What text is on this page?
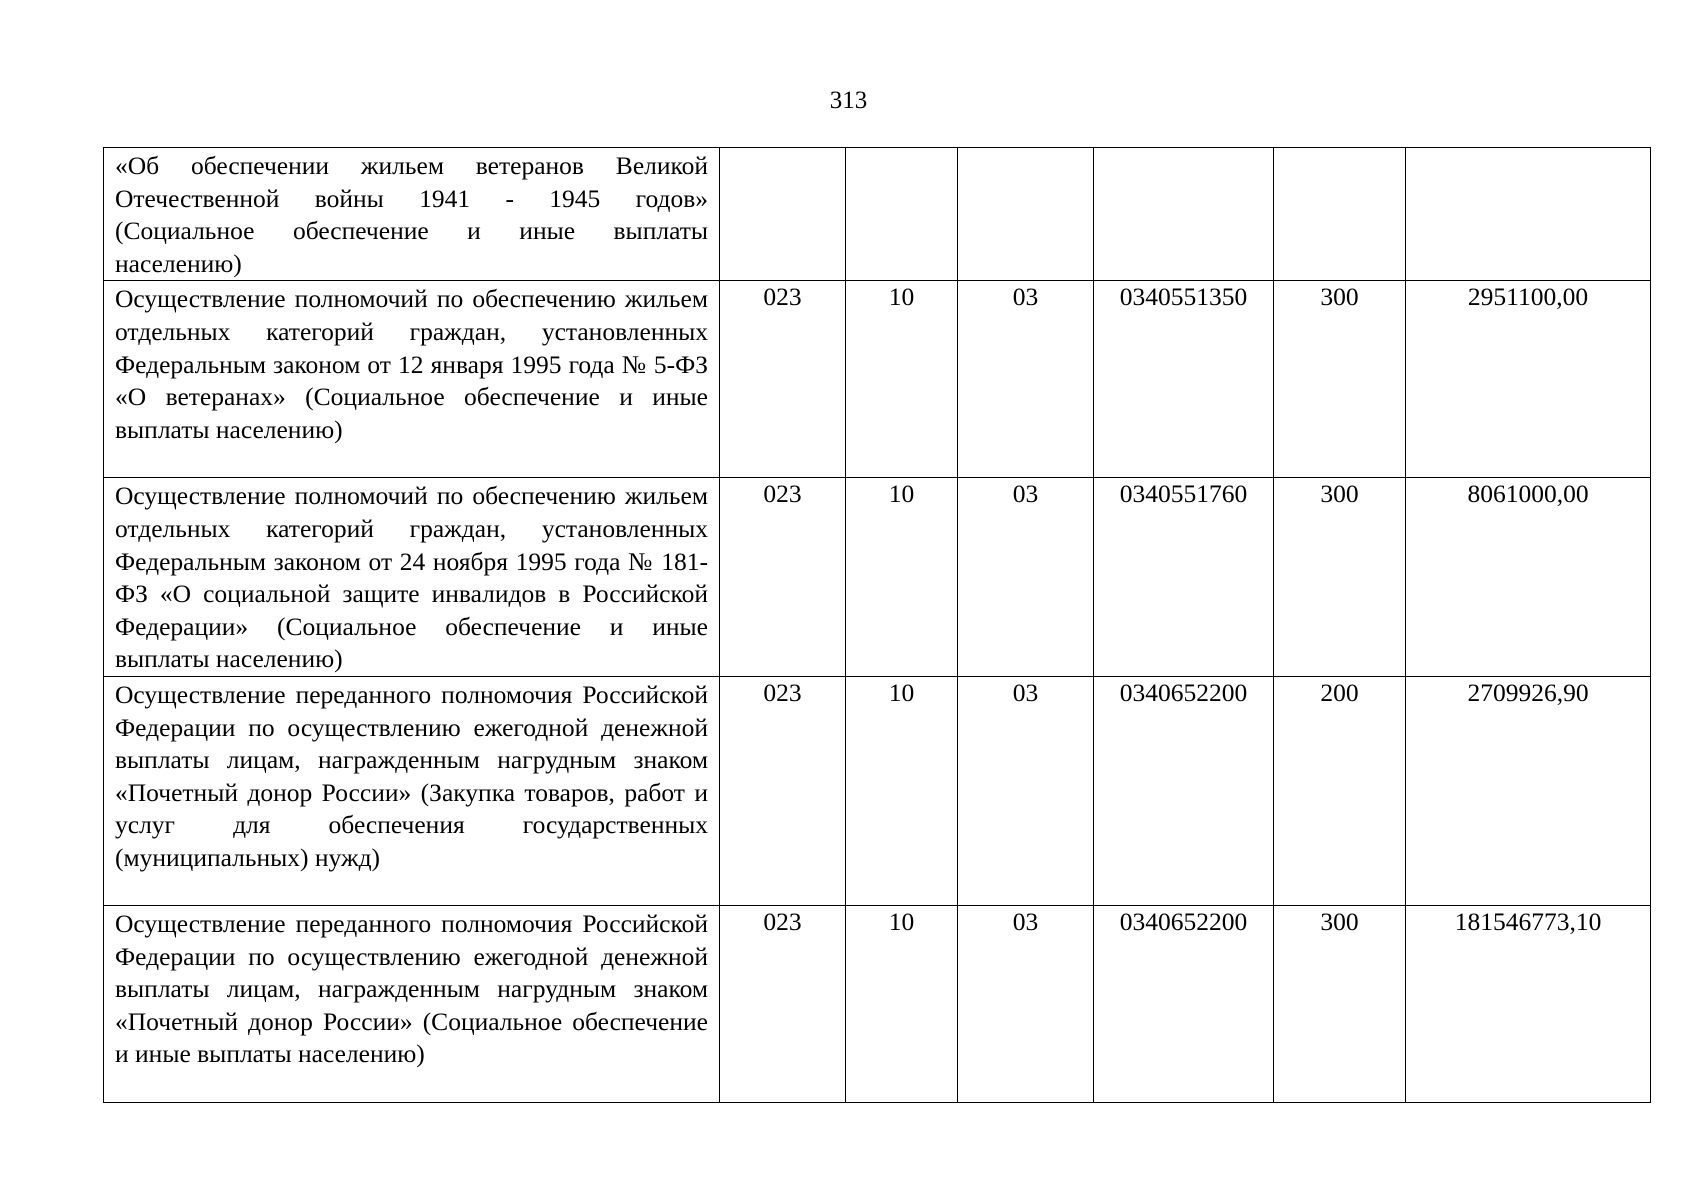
313
«Об обеспечении жильем ветеранов Великой Отечественной войны 1941 - 1945 годов» (Социальное обеспечение и иные выплаты населению)						
Осуществление полномочий по обеспечению жильем отдельных категорий граждан, установленных Федеральным законом от 12 января 1995 года № 5-ФЗ «О ветеранах» (Социальное обеспечение и иные выплаты населению)	023	10	03	0340551350	300	2951100,00
Осуществление полномочий по обеспечению жильем отдельных категорий граждан, установленных Федеральным законом от 24 ноября 1995 года № 181-ФЗ «О социальной защите инвалидов в Российской Федерации» (Социальное обеспечение и иные выплаты населению)	023	10	03	0340551760	300	8061000,00
Осуществление переданного полномочия Российской Федерации по осуществлению ежегодной денежной выплаты лицам, награжденным нагрудным знаком «Почетный донор России» (Закупка товаров, работ и услуг для обеспечения государственных (муниципальных) нужд)	023	10	03	0340652200	200	2709926,90
Осуществление переданного полномочия Российской Федерации по осуществлению ежегодной денежной выплаты лицам, награжденным нагрудным знаком «Почетный донор России» (Социальное обеспечение и иные выплаты населению)	023	10	03	0340652200	300	181546773,10
